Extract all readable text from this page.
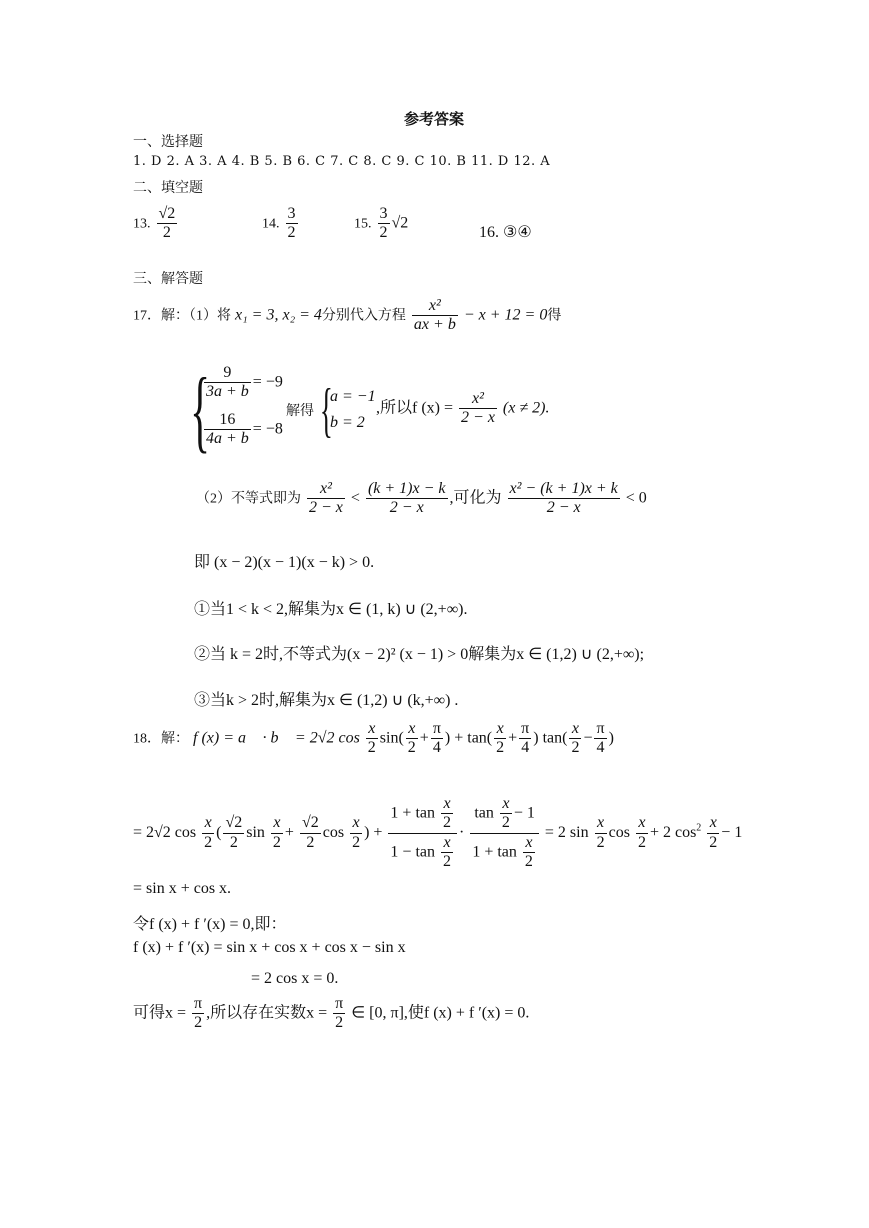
参考答案
一、选择题
1. D 2. A 3. A 4. B 5. B 6. C 7. C 8. C 9. C 10. B 11. D 12. A
二、填空题
13. $\frac{√2}{2}$	14. $\frac{3}{2}$	15. $\frac{3}{2} √2$
16. ③④
三、解答题
17．解：（1）将 x₁ = 3, x₂ = 4分别代入方程 $\frac{\text{x²}}{ax + b} - x + 12 = 0$得
{
$\frac{9}{3a + b} = -9$
$\frac{16}{4a + b} = -8$
解得 {
a = −1
b = 2
,所以f $(x) = \frac{\text{x²}}{2 - x} (x \ne 2)$.
（2）不等式即为 $\frac{\text{x²}}{2 - x} < \frac{(k + 1)x - k}{2 - x}$ ,可化为 $\frac{\text{x² − (k + 1)x + k}}{2 - x} < 0$
即 (x − 2)(x − 1)(x − k) > 0.
①当1 < k < 2,解集为x ∈ (1, k) ∪ (2,+∞).
②当 k = 2时,不等式为(x − 2)² (x − 1) > 0解集为x ∈ (1,2) ∪ (2,+∞);
③当k > 2时,解集为x ∈ (1,2) ∪ (k,+∞) .
18．解： f (x) = a⃗ · b⃗ = 2√2 $\cos \frac{x}{2} \sin( \frac{x}{2} + \frac{\pi}{4}$ ) + $\tan( \frac{x}{2} + \frac{\pi}{4}$ ) $\tan( \frac{x}{2} - \frac{\pi}{4}$ )
= 2√2 $\cos \frac{x}{2}$ ( $\frac{√2}{2}$ $\sin \frac{x}{2} + \frac{√2}{2}$ $\cos \frac{x}{2}$ ) + $\frac{1 + \tan \frac{x}{2}}{1 - \tan \frac{x}{2}} \cdot \frac{\tan \frac{x}{2} - 1}{1 + \tan \frac{x}{2}} = 2$ $\sin \frac{x}{2}$ $\cos \frac{x}{2} + 2$ $\cos^2 \frac{x}{2} - 1$
= sin x + cos x.
令f (x) + f ′(x) = 0,即：
f (x) + f ′(x) = sin x + cos x + cos x − sin x
= 2 cos x = 0.
可得$x = \frac{\pi}{2}$ ,所以存在实数$x = \frac{\pi}{2}$ ∈ [0, π],使f (x) + f ′(x) = 0.
